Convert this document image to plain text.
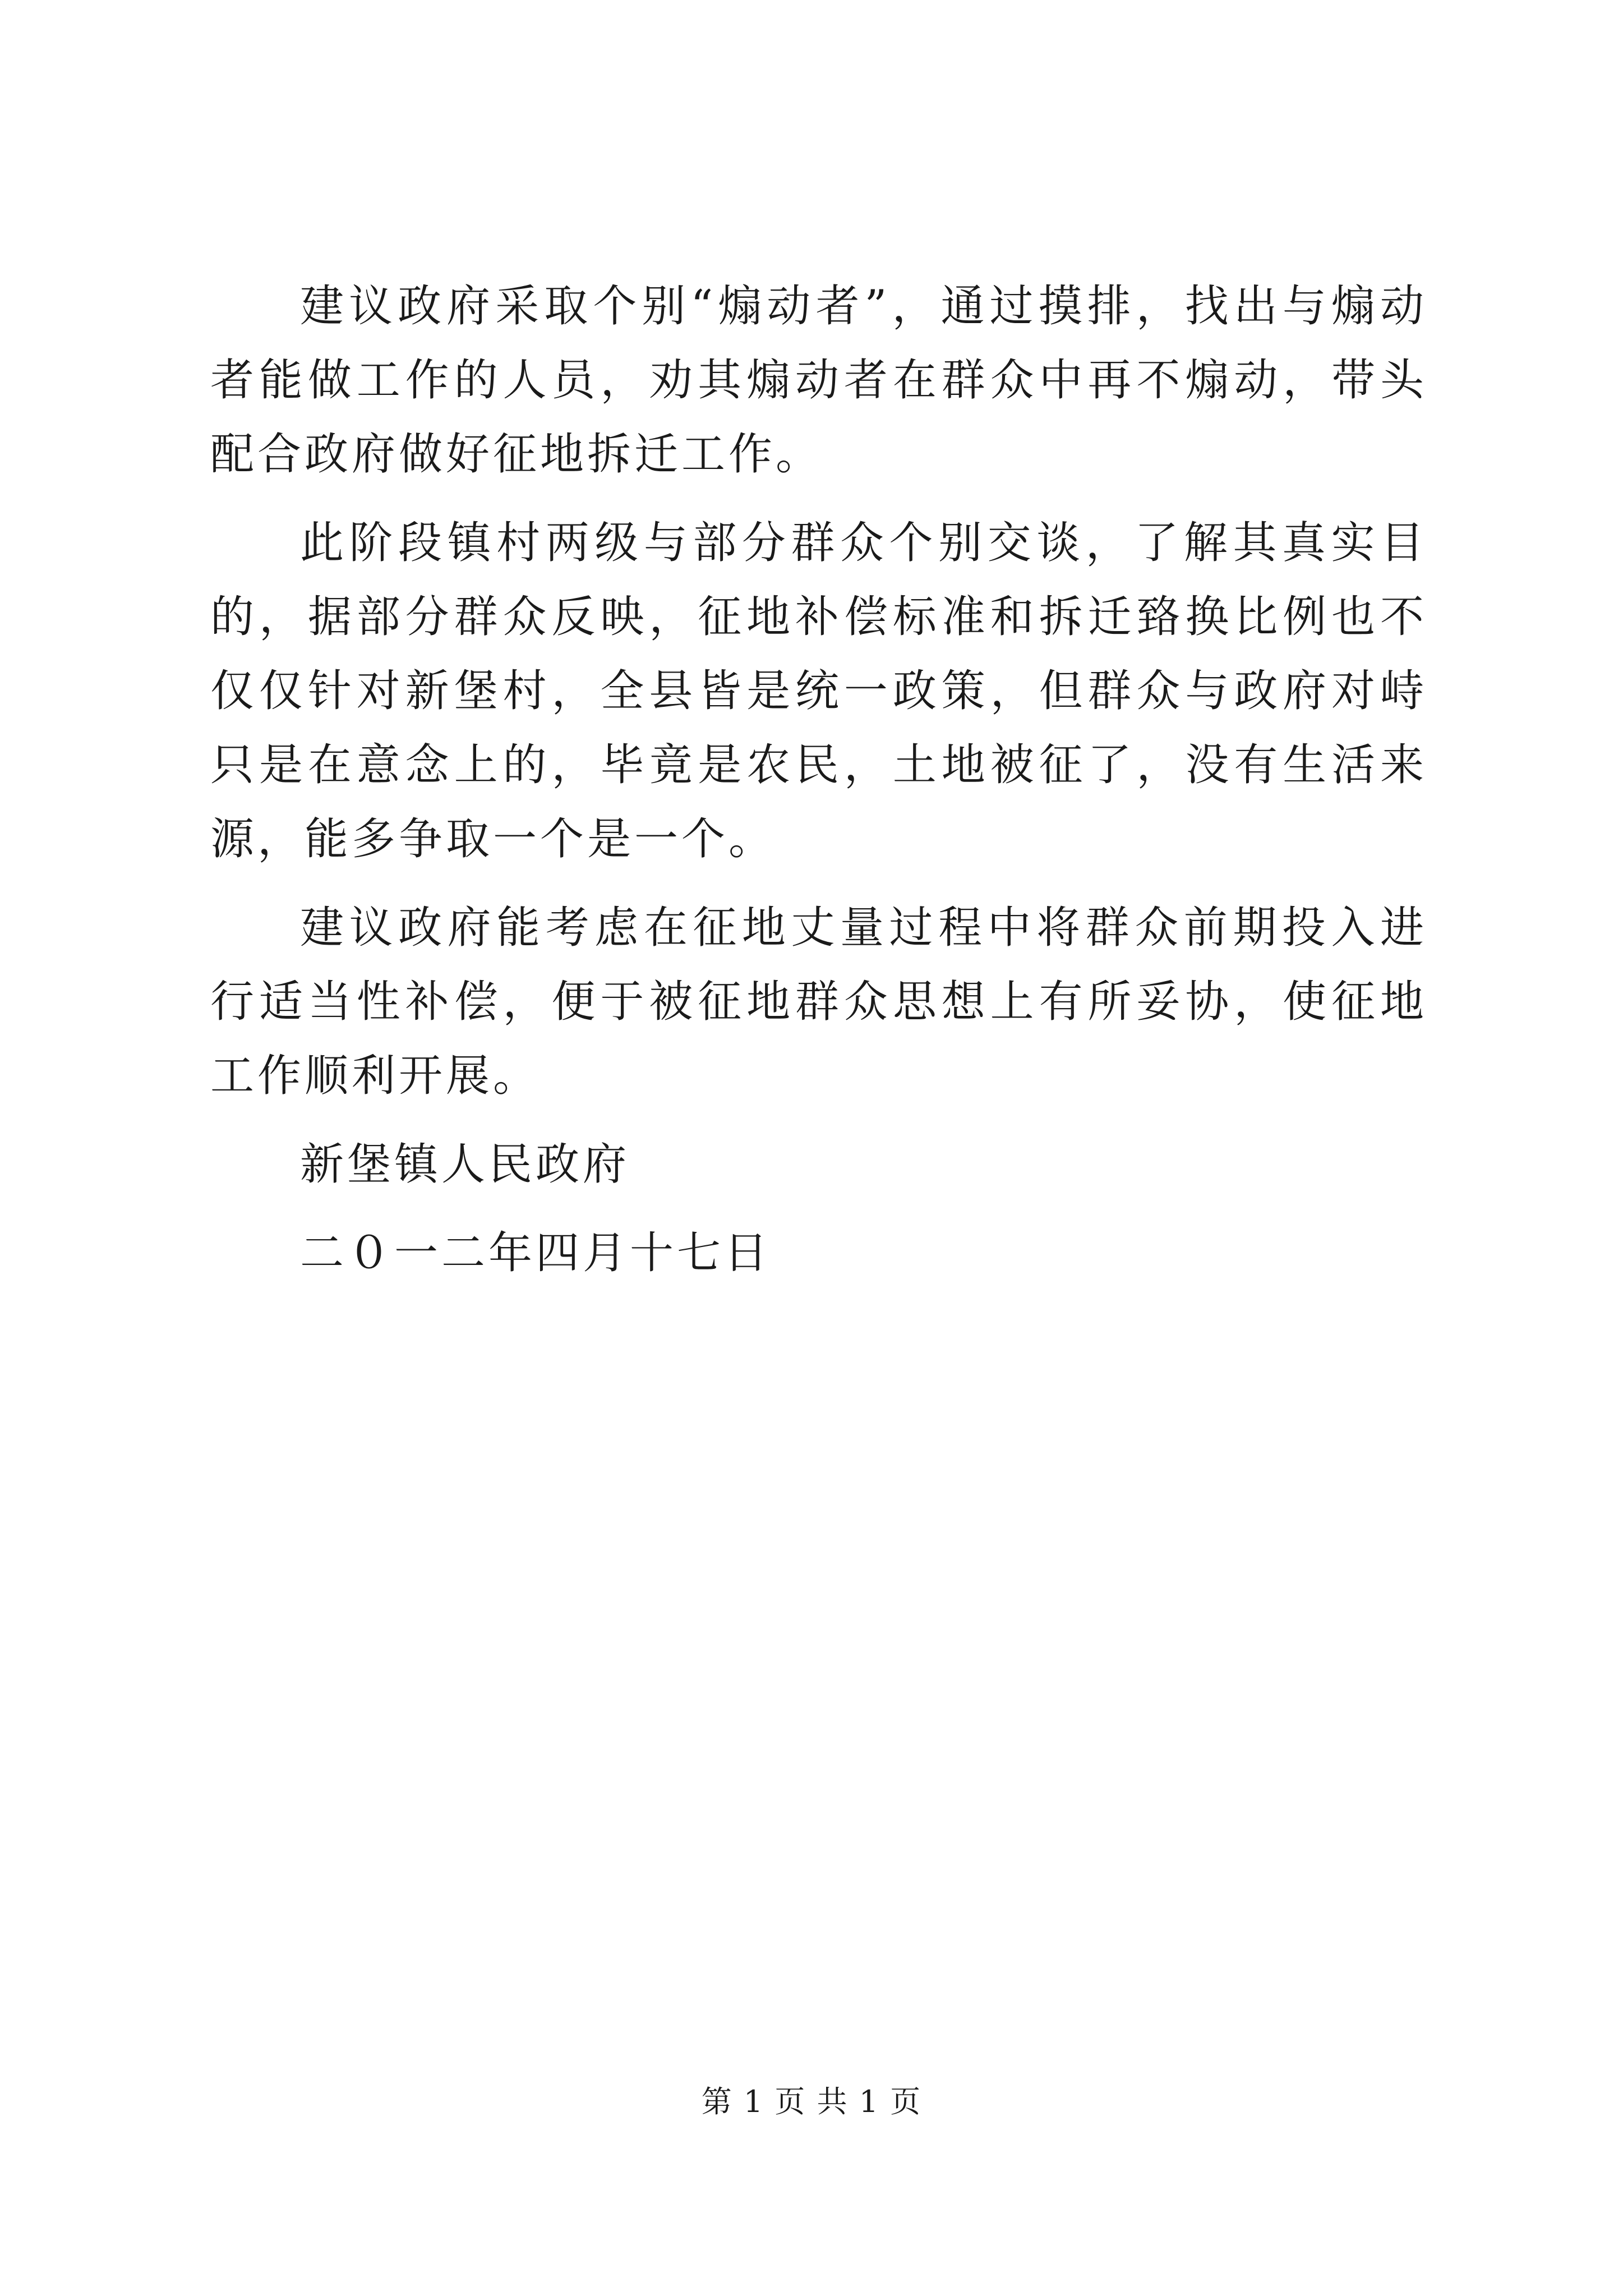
建议政府采取个别“煽动者”，通过摸排，找出与煽动者能做工作的人员，劝其煽动者在群众中再不煽动，带头配合政府做好征地拆迁工作。

此阶段镇村两级与部分群众个别交谈，了解其真实目的，据部分群众反映，征地补偿标准和拆迁臵换比例也不仅仅针对新堡村，全县皆是统一政策，但群众与政府对峙只是在意念上的，毕竟是农民，土地被征了，没有生活来源，能多争取一个是一个。

建议政府能考虑在征地丈量过程中将群众前期投入进行适当性补偿，便于被征地群众思想上有所妥协，使征地工作顺利开展。

新堡镇人民政府

二０一二年四月十七日

第 1 页 共 1 页
